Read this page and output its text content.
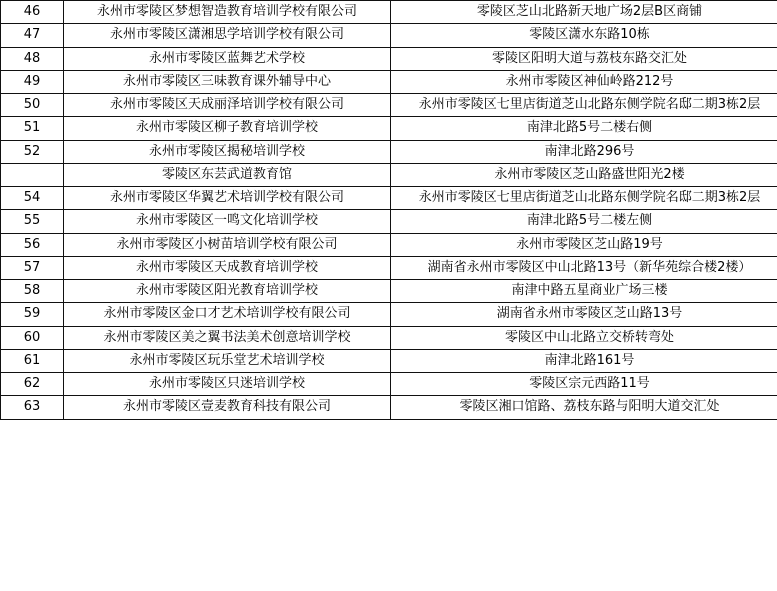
46	永州市零陵区梦想智造教育培训学校有限公司	零陵区芝山北路新天地广场2层B区商铺
47	永州市零陵区潇湘思学培训学校有限公司	零陵区潇水东路10栋
48	永州市零陵区蓝舞艺术学校	零陵区阳明大道与荔枝东路交汇处
49	永州市零陵区三味教育课外辅导中心	永州市零陵区神仙岭路212号
50	永州市零陵区天成丽泽培训学校有限公司	永州市零陵区七里店街道芝山北路东侧学院名邸二期3栋2层
51	永州市零陵区柳子教育培训学校	南津北路5号二楼右侧
52	永州市零陵区揭秘培训学校	南津北路296号
	零陵区东芸武道教育馆	永州市零陵区芝山路盛世阳光2楼
54	永州市零陵区华翼艺术培训学校有限公司	永州市零陵区七里店街道芝山北路东侧学院名邸二期3栋2层
55	永州市零陵区一鸣文化培训学校	南津北路5号二楼左侧
56	永州市零陵区小树苗培训学校有限公司	永州市零陵区芝山路19号
57	永州市零陵区天成教育培训学校	湖南省永州市零陵区中山北路13号（新华苑综合楼2楼）
58	永州市零陵区阳光教育培训学校	南津中路五星商业广场三楼
59	永州市零陵区金口才艺术培训学校有限公司	湖南省永州市零陵区芝山路13号
60	永州市零陵区美之翼书法美术创意培训学校	零陵区中山北路立交桥转弯处
61	永州市零陵区玩乐堂艺术培训学校	南津北路161号
62	永州市零陵区只迷培训学校	零陵区宗元西路11号
63	永州市零陵区壹麦教育科技有限公司	零陵区湘口馆路、荔枝东路与阳明大道交汇处
